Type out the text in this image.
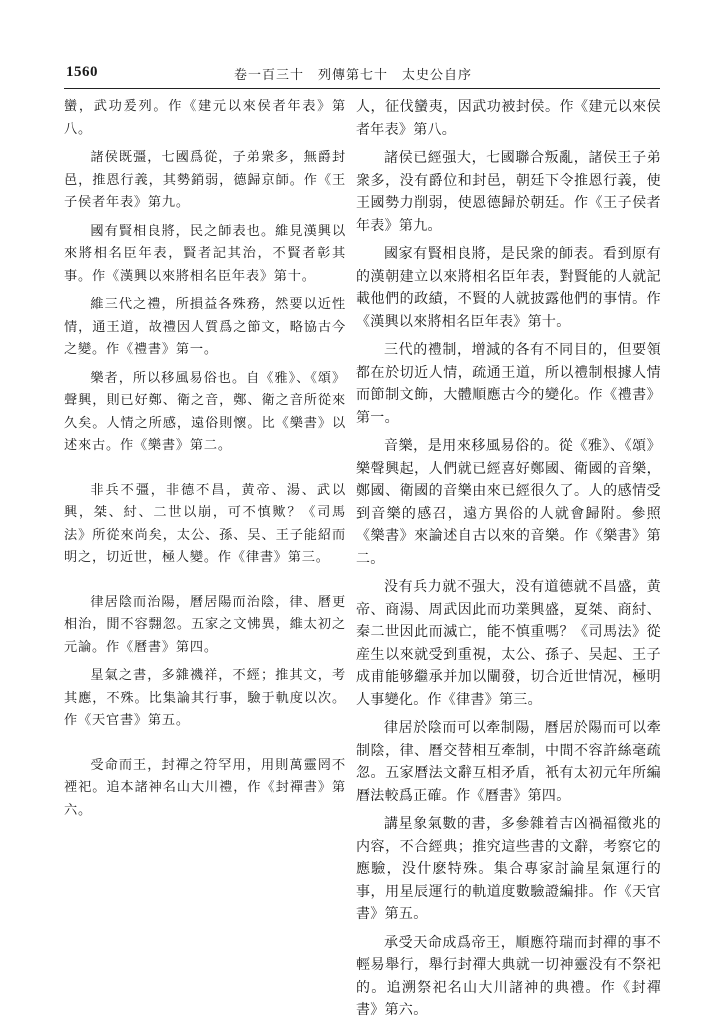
1560	卷一百三十　列傳第七十　太史公自序

蠻，武功爰列。作《建元以來侯者年表》第八。

諸侯既彊，七國爲從，子弟衆多，無爵封邑，推恩行義，其勢銷弱，德歸京師。作《王子侯者年表》第九。

國有賢相良將，民之師表也。維見漢興以來將相名臣年表，賢者記其治，不賢者彰其事。作《漢興以來將相名臣年表》第十。

維三代之禮，所損益各殊務，然要以近性情，通王道，故禮因人質爲之節文，略協古今之變。作《禮書》第一。

樂者，所以移風易俗也。自《雅》、《頌》聲興，則已好鄭、衛之音，鄭、衛之音所從來久矣。人情之所感，遠俗則懷。比《樂書》以述來古。作《樂書》第二。

非兵不彊，非德不昌，黄帝、湯、武以興，桀、紂、二世以崩，可不慎歟？《司馬法》所從來尚矣，太公、孫、吴、王子能紹而明之，切近世，極人變。作《律書》第三。

律居陰而治陽，曆居陽而治陰，律、曆更相治，閒不容翲忽。五家之文怫異，維太初之元論。作《曆書》第四。

星氣之書，多雜禨祥，不經；推其文，考其應，不殊。比集論其行事，驗于軌度以次。作《天官書》第五。

受命而王，封禪之符罕用，用則萬靈罔不禋祀。追本諸神名山大川禮，作《封禪書》第六。

人，征伐蠻夷，因武功被封侯。作《建元以來侯者年表》第八。

諸侯已經强大，七國聯合叛亂，諸侯王子弟衆多，没有爵位和封邑，朝廷下令推恩行義，使王國勢力削弱，使恩德歸於朝廷。作《王子侯者年表》第九。

國家有賢相良將，是民衆的師表。看到原有的漢朝建立以來將相名臣年表，對賢能的人就記載他們的政績，不賢的人就披露他們的事情。作《漢興以來將相名臣年表》第十。

三代的禮制，增減的各有不同目的，但要領都在於切近人情，疏通王道，所以禮制根據人情而節制文飾，大體順應古今的變化。作《禮書》第一。

音樂，是用來移風易俗的。從《雅》、《頌》樂聲興起，人們就已經喜好鄭國、衛國的音樂，鄭國、衛國的音樂由來已經很久了。人的感情受到音樂的感召，遠方異俗的人就會歸附。參照《樂書》來論述自古以來的音樂。作《樂書》第二。

没有兵力就不强大，没有道德就不昌盛，黄帝、商湯、周武因此而功業興盛，夏桀、商紂、秦二世因此而滅亡，能不慎重嗎？《司馬法》從産生以來就受到重視，太公、孫子、吴起、王子成甫能够繼承并加以闡發，切合近世情况，極明人事變化。作《律書》第三。

律居於陰而可以牽制陽，曆居於陽而可以牽制陰，律、曆交替相互牽制，中間不容許絲毫疏忽。五家曆法文辭互相矛盾，衹有太初元年所編曆法較爲正確。作《曆書》第四。

講星象氣數的書，多參雜着吉凶禍福徵兆的内容，不合經典；推究這些書的文辭，考察它的應驗，没什麽特殊。集合專家討論星氣運行的事，用星辰運行的軌道度數驗證編排。作《天官書》第五。

承受天命成爲帝王，順應符瑞而封禪的事不輕易舉行，舉行封禪大典就一切神靈没有不祭祀的。追溯祭祀名山大川諸神的典禮。作《封禪書》第六。
